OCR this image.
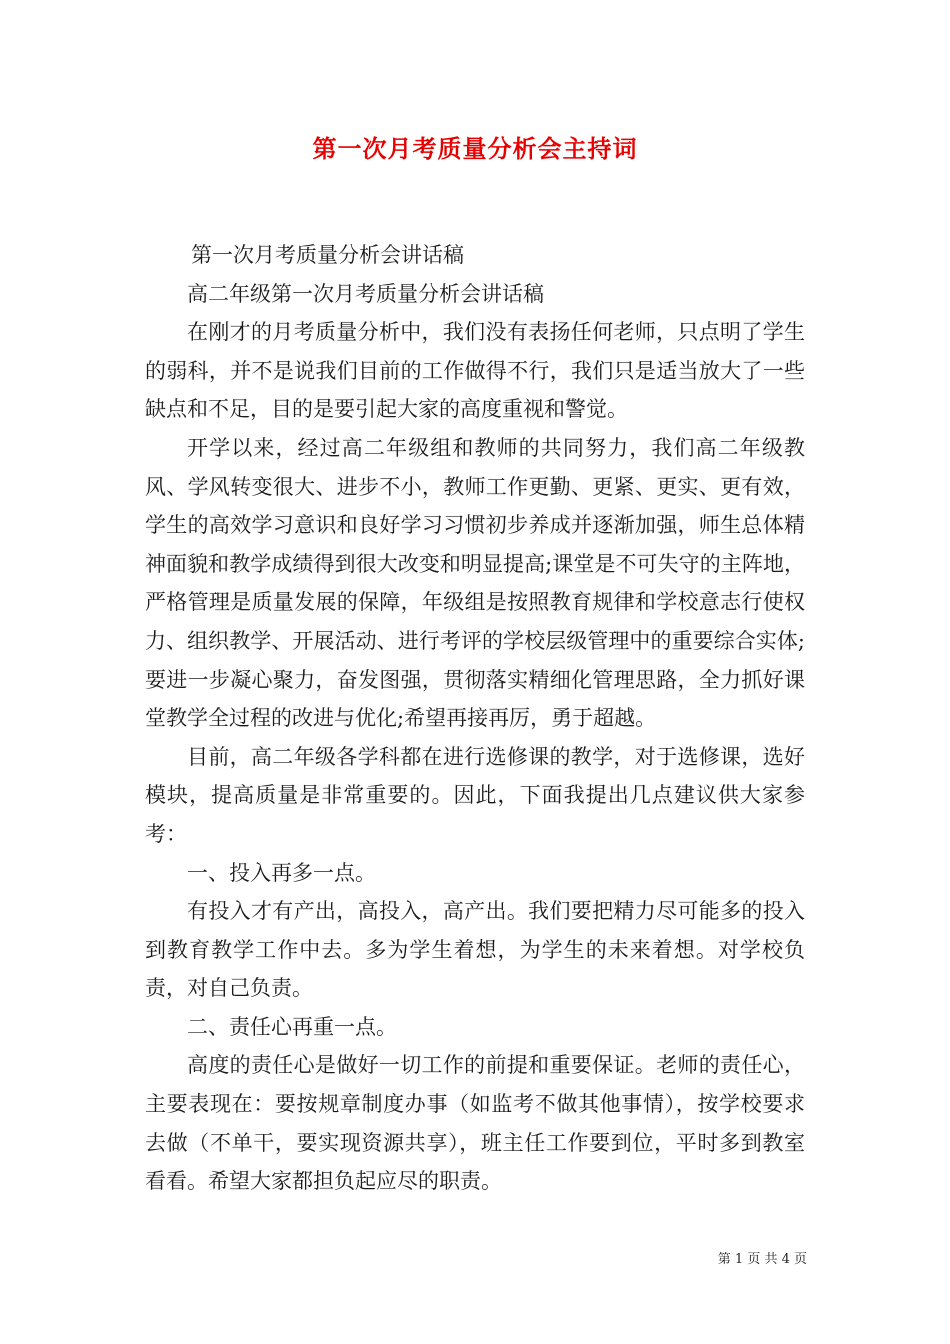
第一次月考质量分析会主持词

第一次月考质量分析会讲话稿

高二年级第一次月考质量分析会讲话稿

在刚才的月考质量分析中，我们没有表扬任何老师，只点明了学生的弱科，并不是说我们目前的工作做得不行，我们只是适当放大了一些缺点和不足，目的是要引起大家的高度重视和警觉。

开学以来，经过高二年级组和教师的共同努力，我们高二年级教风、学风转变很大、进步不小，教师工作更勤、更紧、更实、更有效，学生的高效学习意识和良好学习习惯初步养成并逐渐加强，师生总体精神面貌和教学成绩得到很大改变和明显提高;课堂是不可失守的主阵地，严格管理是质量发展的保障，年级组是按照教育规律和学校意志行使权力、组织教学、开展活动、进行考评的学校层级管理中的重要综合实体;要进一步凝心聚力，奋发图强，贯彻落实精细化管理思路，全力抓好课堂教学全过程的改进与优化;希望再接再厉，勇于超越。

目前，高二年级各学科都在进行选修课的教学，对于选修课，选好模块，提高质量是非常重要的。因此，下面我提出几点建议供大家参考：

一、投入再多一点。

有投入才有产出，高投入，高产出。我们要把精力尽可能多的投入到教育教学工作中去。多为学生着想，为学生的未来着想。对学校负责，对自己负责。

二、责任心再重一点。

高度的责任心是做好一切工作的前提和重要保证。老师的责任心，主要表现在：要按规章制度办事（如监考不做其他事情），按学校要求去做（不单干，要实现资源共享），班主任工作要到位，平时多到教室看看。希望大家都担负起应尽的职责。

第 1 页 共 4 页
